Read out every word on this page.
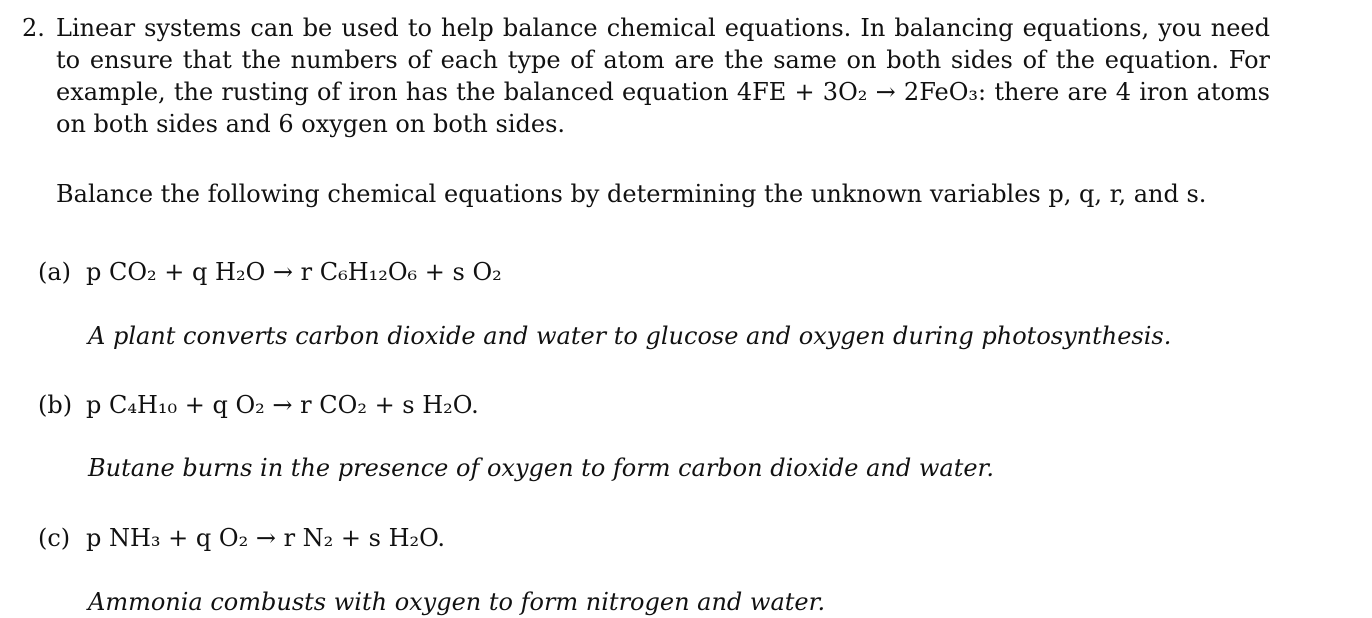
2. Linear systems can be used to help balance chemical equations. In balancing equations, you need to ensure that the numbers of each type of atom are the same on both sides of the equation. For example, the rusting of iron has the balanced equation 4FE + 3O₂ → 2FeO₃: there are 4 iron atoms on both sides and 6 oxygen on both sides.
Balance the following chemical equations by determining the unknown variables p, q, r, and s.
(a) p CO₂ + q H₂O → r C₆H₁₂O₆ + s O₂
A plant converts carbon dioxide and water to glucose and oxygen during photosynthesis.
(b) p C₄H₁₀ + q O₂ → r CO₂ + s H₂O.
Butane burns in the presence of oxygen to form carbon dioxide and water.
(c) p NH₃ + q O₂ → r N₂ + s H₂O.
Ammonia combusts with oxygen to form nitrogen and water.
